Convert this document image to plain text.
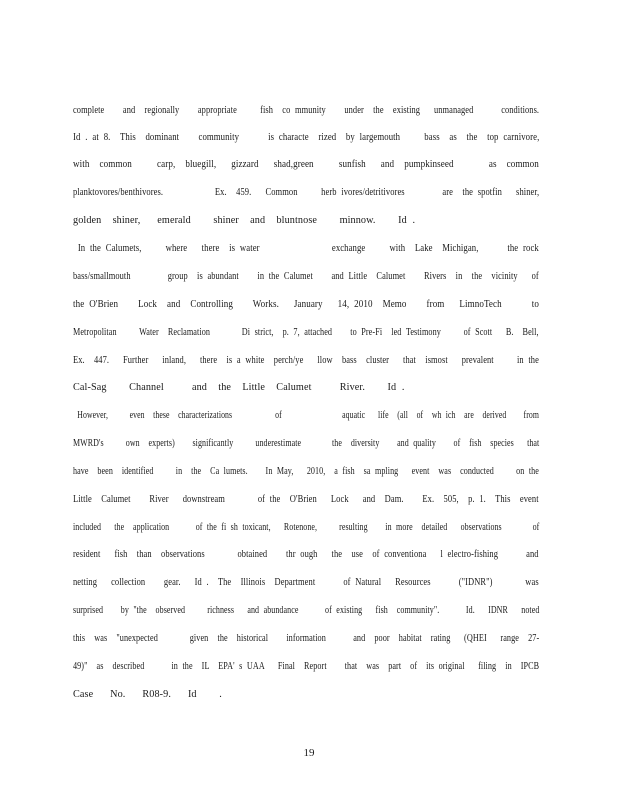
complete    and  regionally    appropriate     fish  co mmunity    under  the  existing   unmanaged      conditions.
Id . at 8.  This  dominant    community      is characte  rized  by largemouth     bass  as  the  top carnivore,
with  common     carp,  bluegill,   gizzard   shad,green     sunfish   and  pumpkinseed       as  common
planktovores/benthivores.           Ex.  459.   Common     herb ivores/detritivores        are  the spotfin   shiner,
golden  shiner,   emerald    shiner  and  bluntnose    minnow.    Id .
In the Calumets,     where   there  is water               exchange     with  Lake  Michigan,      the rock
bass/smallmouth        group  is abundant    in the Calumet    and Little  Calumet    Rivers  in  the  vicinity   of
the O'Brien    Lock  and  Controlling    Works.   January   14, 2010  Memo    from   LimnoTech      to
Metropolitan     Water  Reclamation       Di strict,  p. 7, attached    to Pre-Fi  led Testimony     of Scott   B.  Bell,
Ex.  447.   Further   inland,   there  is a white  perch/ye   llow  bass  cluster   that  ismost   prevalent     in the
Cal-Sag    Channel     and  the  Little  Calumet     River.    Id .
However,     even  these  characterizations          of              aquatic   life  (all  of  wh ich  are  derived    from
MWRD's     own  experts)    significantly     underestimate       the  diversity    and quality    of  fish  species   that
have  been  identified     in  the  Ca lumets.    In May,   2010,  a fish  sa mpling   event  was  conducted     on the
Little  Calumet    River   downstream       of the  O'Brien   Lock   and  Dam.    Ex.  505,  p. 1.  This  event
included   the  application      of the fi sh toxicant,   Rotenone,     resulting    in more  detailed   observations       of
resident   fish  than  observations       obtained    thr ough   the  use  of conventiona   l electro-fishing      and
netting   collection    gear.   Id .  The  Illinois  Department      of Natural   Resources      ("IDNR")       was
surprised    by "the  observed     richness   and abundance      of existing   fish  community".      Id.   IDNR   noted
this  was  "unexpected       given  the  historical    information      and  poor  habitat  rating   (QHEI   range  27-
49)"  as  described      in the  IL  EPA' s UAA   Final  Report    that  was  part  of  its original   filing  in  IPCB
Case   No.   R08-9.   Id    .
19
